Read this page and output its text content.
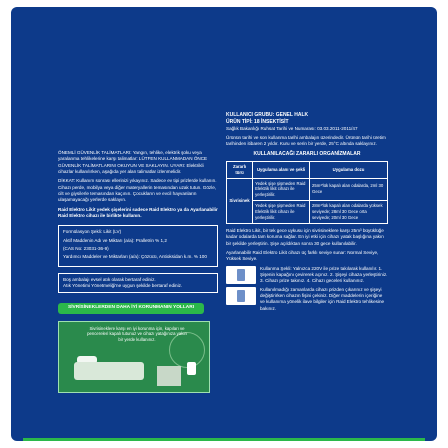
ÖNEMLİ GÜVENLİK TALİMATLARI: Yangın, tehlike, elektrik şoku veya yaralanma tehlikelerine karşı talimatlar: LÜTFEN KULLANMADAN ÖNCE GÜVENLİK TALİMATLARINI OKUYUN VE SAKLAYIN. UYARI: Elektrikli cihazlar kullanılırken, aşağıda yer alan talimatlar izlenmelidir.

DİKKAT: Kullanım sonrası ellerinizi yıkayınız. Sadece ev tipi prizlerde kullanın. Cihazı perde, mobilya veya diğer materyallerin temasından uzak tutun. Gözle, cilt ve giysilerle temasından kaçının. Çocukların ve evcil hayvanların ulaşamayacağı yerlerde saklayın.

Raid Elektro Likit yedek şişelerini sadece Raid Elektro ya da Ayarlanabilir Raid Elektro cihazı ile birlikte kullanın.

Formülasyon Şekli: Likit (LV)
Aktif Maddenin Adı ve Miktarı (a/a): Pralletrin % 1,2
(CAS No: 23031-36-9)
Yardımcı Maddeler ve Miktarları (a/a): Çözücü, Antioksidan k.m. % 100
Boş ambalajı evsel atık olarak bertaraf ediniz.
Atık Yönetimi Yönetmeliği'ne uygun şekilde bertaraf ediniz.
SİVRİSİNEKLERDEN DAHA İYİ KORUNMANIN YOLLARI
Sivrisineklere karşı en iyi korunma için, kapıları ve pencereleri kapalı tutunuz ve cihazı yatağınıza yakın bir yerde kullanınız.
KULLANICI GRUBU: GENEL HALK
ÜRÜN TİPİ: 18 İNSEKTİSİT

Sağlık Bakanlığı Ruhsat Tarihi ve Numarası: 03.03.2011-2011/47

Ürünün tarihi ve son kullanma tarihi ambalajın üzerindedir. Ürünün tarihi üretim tarihinden itibaren 2 yıldır. Kuru ve serin bir yerde, 25°C altında saklayınız.

KULLANILACAĞI ZARARLI ORGANİZMALAR
Zararlı türü	Uygulama alanı ve şekli	Uygulama dozu
Sivrisinek	Yedek şişe şişmeden Raid Elektrik likit cihazı ile yerleştirilir.	25m³'lük kapalı alan odalarda, 2ml 30 Gece
	Yedek şişe şişmeden Raid Elektrik likit cihazı ile yerleştirilir.	28m³'lük kapalı alan odalarda yüksek seviyede; 28ml 30 Gece orta seviyede; 20ml 30 Gece

Raid Elektro Likit, bir tek gece uykusu için sivrisineklere karşı 25m³ büyüklüğe kadar odalarda tam koruma sağlar. En iyi etki için cihazı yatak başlığına yakın bir şekilde yerleştirin. Şişe açıldıktan sonra 30 gece kullanılabilir.

Ayarlanabilir Raid Elektro Likit cihazı üç farklı seviye sunar: Normal Seviye, Yüksek Seviye.

Kullanma Şekli: Yalnızca 220V ile prize takılarak kullanılır. 1. Şişenin kapağını çevirerek açınız. 2. Şişeyi cihaza yerleştiriniz. 3. Cihazı prize takınız. 4. Cihazı geceleri kullanınız.
Kullanılmadığı zamanlarda cihazı prizden çıkarınız ve şişeyi değiştirirken cihazın fişini çekiniz. Diğer maddelerin içeriğine ve kullanıma yönelik ilave bilgiler için Raid Elektro tehlikesine bakınız.
